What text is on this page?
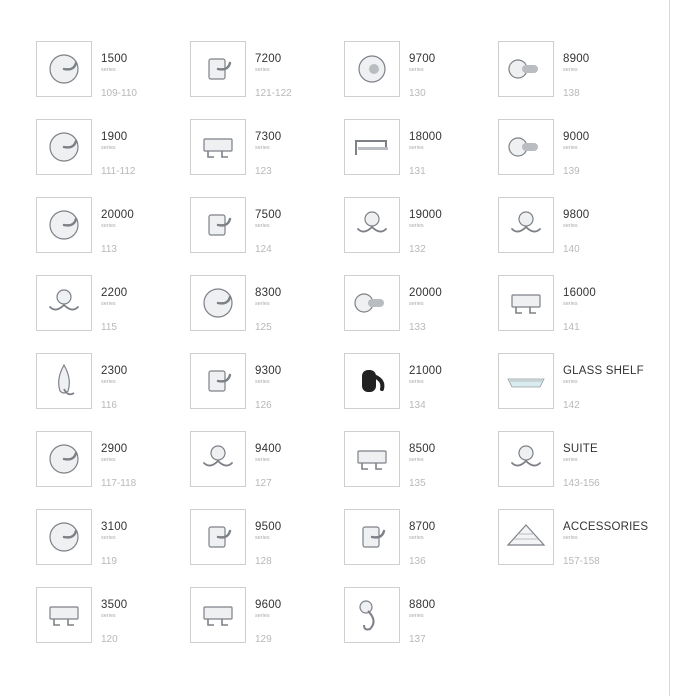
1500
series
109-110
7200
series
121-122
9700
series
130
8900
series
138
1900
series
111-112
7300
series
123
18000
series
131
9000
series
139
20000
series
113
7500
series
124
19000
series
132
9800
series
140
2200
series
115
8300
series
125
20000
series
133
16000
series
141
2300
series
116
9300
series
126
21000
series
134
GLASS SHELF
series
142
2900
series
117-118
9400
series
127
8500
series
135
SUITE
series
143-156
3100
series
119
9500
series
128
8700
series
136
ACCESSORIES
series
157-158
3500
series
120
9600
series
129
8800
series
137
